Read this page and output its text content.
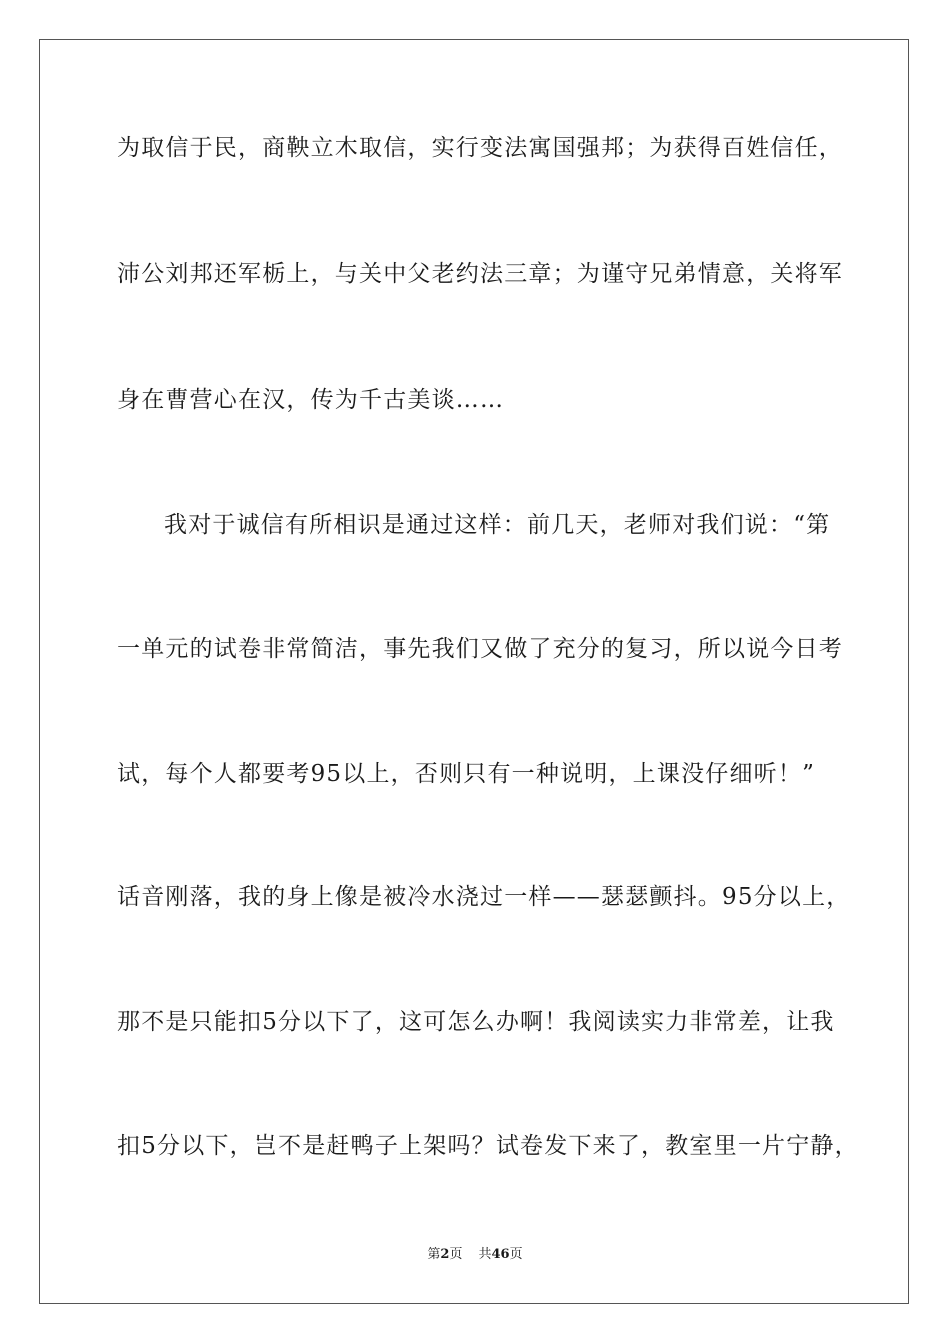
为取信于民，商鞅立木取信，实行变法寓国强邦；为获得百姓信任，
沛公刘邦还军栃上，与关中父老约法三章；为谨守兄弟情意，关将军
身在曹营心在汉，传为千古美谈……
我对于诚信有所相识是通过这样：前几天，老师对我们说：“第
一单元的试卷非常简洁，事先我们又做了充分的复习，所以说今日考
试，每个人都要考95以上，否则只有一种说明，上课没仔细听！”
话音刚落，我的身上像是被冷水浇过一样——瑟瑟颤抖。95分以上，
那不是只能扣5分以下了，这可怎么办啊！我阅读实力非常差，让我
扣5分以下，岂不是赶鸭子上架吗？试卷发下来了，教室里一片宁静，
第2页 共46页
